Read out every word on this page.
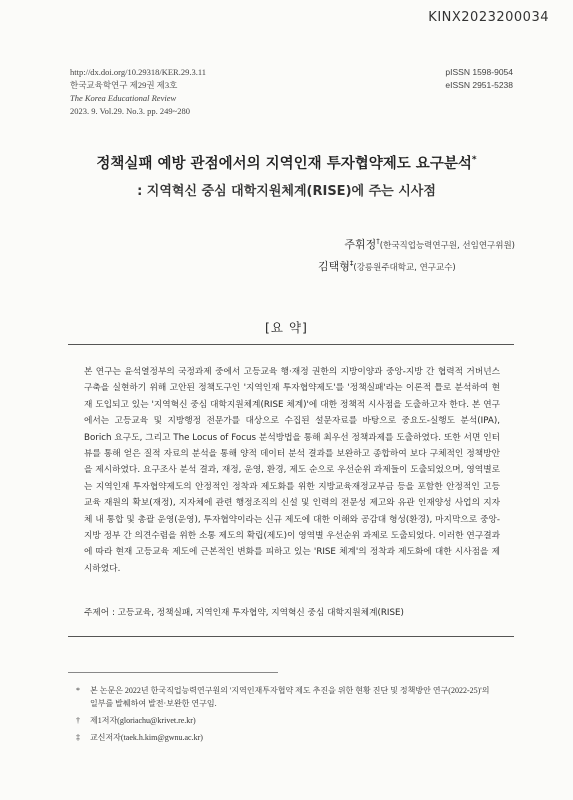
KINX2023200034
http://dx.doi.org/10.29318/KER.29.3.11
한국교육학연구 제29권 제3호
The Korea Educational Review
2023. 9. Vol.29. No.3. pp. 249~280
pISSN 1598-9054
eISSN 2951-5238
정책실패 예방 관점에서의 지역인재 투자협약제도 요구분석*
: 지역혁신 중심 대학지원체계(RISE)에 주는 시사점
주휘정†(한국직업능력연구원, 선임연구위원)
김택형‡(강릉원주대학교, 연구교수)
[요 약]
본 연구는 윤석열정부의 국정과제 중에서 고등교육 행·재정 권한의 지방이양과 중앙-지방 간 협력적 거버넌스 구축을 실현하기 위해 고안된 정책도구인 '지역인재 투자협약제도'를 '정책실패'라는 이론적 틀로 분석하여 현재 도입되고 있는 '지역혁신 중심 대학지원체계(RISE 체계)'에 대한 정책적 시사점을 도출하고자 한다. 본 연구에서는 고등교육 및 지방행정 전문가를 대상으로 수집된 설문자료를 바탕으로 중요도-실행도 분석(IPA), Borich 요구도, 그리고 The Locus of Focus 분석방법을 통해 최우선 정책과제를 도출하였다. 또한 서면 인터뷰를 통해 얻은 질적 자료의 분석을 통해 양적 데이터 분석 결과를 보완하고 종합하여 보다 구체적인 정책방안을 제시하였다. 요구조사 분석 결과, 재정, 운영, 환경, 제도 순으로 우선순위 과제들이 도출되었으며, 영역별로는 지역인재 투자협약제도의 안정적인 정착과 제도화를 위한 지방교육재정교부금 등을 포함한 안정적인 고등교육 재원의 확보(재정), 지자체에 관련 행정조직의 신설 및 인력의 전문성 제고와 유관 인재양성 사업의 지자체 내 통합 및 총괄 운영(운영), 투자협약이라는 신규 제도에 대한 이해와 공감대 형성(환경), 마지막으로 중앙-지방 정부 간 의견수렴을 위한 소통 제도의 확립(제도)이 영역별 우선순위 과제로 도출되었다. 이러한 연구결과에 따라 현재 고등교육 제도에 근본적인 변화를 피하고 있는 'RISE 체계'의 정착과 제도화에 대한 시사점을 제시하였다.
주제어 : 고등교육, 정책실패, 지역인재 투자협약, 지역혁신 중심 대학지원체계(RISE)
*	본 논문은 2022년 한국직업능력연구원의 '지역인재투자협약 제도 추진을 위한 현황 진단 및 정책방안 연구(2022-25)'의 일부를 발췌하여 발전·보완한 연구임.
†	제1저자(gloriachu@krivet.re.kr)
‡	교신저자(taek.h.kim@gwnu.ac.kr)
